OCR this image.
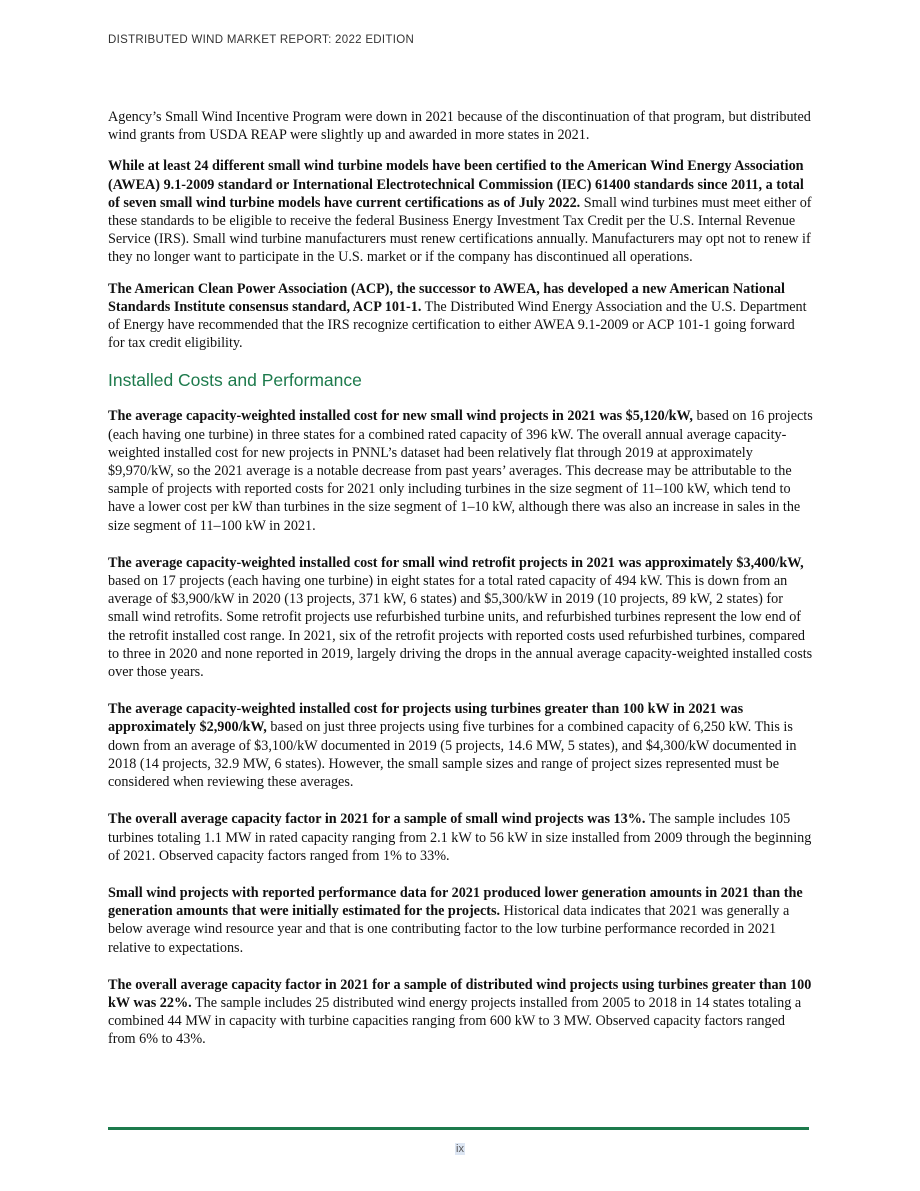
DISTRIBUTED WIND MARKET REPORT: 2022 EDITION

Agency’s Small Wind Incentive Program were down in 2021 because of the discontinuation of that program, but distributed wind grants from USDA REAP were slightly up and awarded in more states in 2021.

While at least 24 different small wind turbine models have been certified to the American Wind Energy Association (AWEA) 9.1-2009 standard or International Electrotechnical Commission (IEC) 61400 standards since 2011, a total of seven small wind turbine models have current certifications as of July 2022. Small wind turbines must meet either of these standards to be eligible to receive the federal Business Energy Investment Tax Credit per the U.S. Internal Revenue Service (IRS). Small wind turbine manufacturers must renew certifications annually. Manufacturers may opt not to renew if they no longer want to participate in the U.S. market or if the company has discontinued all operations.

The American Clean Power Association (ACP), the successor to AWEA, has developed a new American National Standards Institute consensus standard, ACP 101-1. The Distributed Wind Energy Association and the U.S. Department of Energy have recommended that the IRS recognize certification to either AWEA 9.1-2009 or ACP 101-1 going forward for tax credit eligibility.

Installed Costs and Performance

The average capacity-weighted installed cost for new small wind projects in 2021 was $5,120/kW, based on 16 projects (each having one turbine) in three states for a combined rated capacity of 396 kW. The overall annual average capacity-weighted installed cost for new projects in PNNL’s dataset had been relatively flat through 2019 at approximately $9,970/kW, so the 2021 average is a notable decrease from past years’ averages. This decrease may be attributable to the sample of projects with reported costs for 2021 only including turbines in the size segment of 11–100 kW, which tend to have a lower cost per kW than turbines in the size segment of 1–10 kW, although there was also an increase in sales in the size segment of 11–100 kW in 2021.

The average capacity-weighted installed cost for small wind retrofit projects in 2021 was approximately $3,400/kW, based on 17 projects (each having one turbine) in eight states for a total rated capacity of 494 kW. This is down from an average of $3,900/kW in 2020 (13 projects, 371 kW, 6 states) and $5,300/kW in 2019 (10 projects, 89 kW, 2 states) for small wind retrofits. Some retrofit projects use refurbished turbine units, and refurbished turbines represent the low end of the retrofit installed cost range. In 2021, six of the retrofit projects with reported costs used refurbished turbines, compared to three in 2020 and none reported in 2019, largely driving the drops in the annual average capacity-weighted installed costs over those years.

The average capacity-weighted installed cost for projects using turbines greater than 100 kW in 2021 was approximately $2,900/kW, based on just three projects using five turbines for a combined capacity of 6,250 kW. This is down from an average of $3,100/kW documented in 2019 (5 projects, 14.6 MW, 5 states), and $4,300/kW documented in 2018 (14 projects, 32.9 MW, 6 states). However, the small sample sizes and range of project sizes represented must be considered when reviewing these averages.

The overall average capacity factor in 2021 for a sample of small wind projects was 13%. The sample includes 105 turbines totaling 1.1 MW in rated capacity ranging from 2.1 kW to 56 kW in size installed from 2009 through the beginning of 2021. Observed capacity factors ranged from 1% to 33%.

Small wind projects with reported performance data for 2021 produced lower generation amounts in 2021 than the generation amounts that were initially estimated for the projects. Historical data indicates that 2021 was generally a below average wind resource year and that is one contributing factor to the low turbine performance recorded in 2021 relative to expectations.

The overall average capacity factor in 2021 for a sample of distributed wind projects using turbines greater than 100 kW was 22%. The sample includes 25 distributed wind energy projects installed from 2005 to 2018 in 14 states totaling a combined 44 MW in capacity with turbine capacities ranging from 600 kW to 3 MW. Observed capacity factors ranged from 6% to 43%.

ix
